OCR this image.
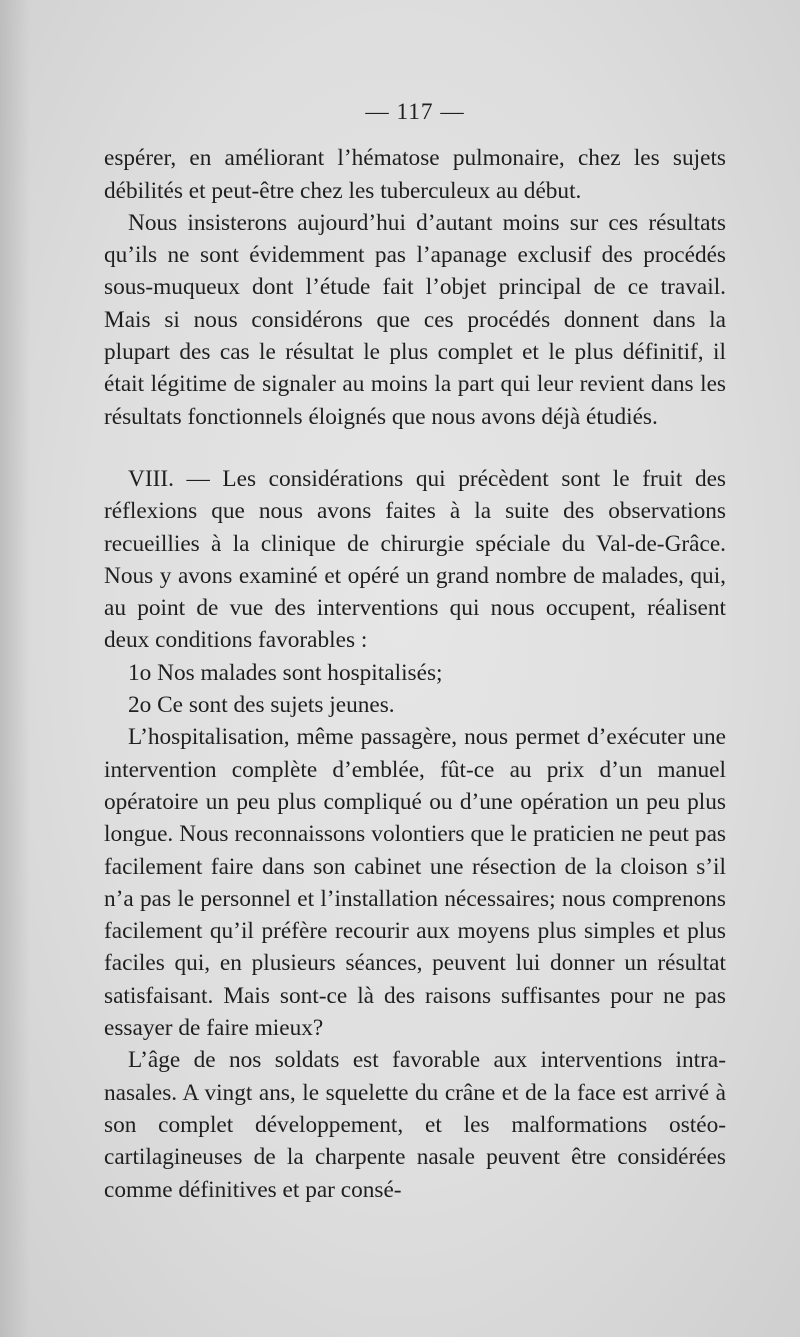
— 117 —

espérer, en améliorant l’hématose pulmonaire, chez les sujets débilités et peut-être chez les tuberculeux au début.

Nous insisterons aujourd’hui d’autant moins sur ces résultats qu’ils ne sont évidemment pas l’apanage exclusif des procédés sous-muqueux dont l’étude fait l’objet principal de ce travail. Mais si nous considérons que ces procédés donnent dans la plupart des cas le résultat le plus complet et le plus définitif, il était légitime de signaler au moins la part qui leur revient dans les résultats fonctionnels éloignés que nous avons déjà étudiés.

VIII. — Les considérations qui précèdent sont le fruit des réflexions que nous avons faites à la suite des observations recueillies à la clinique de chirurgie spéciale du Val-de-Grâce. Nous y avons examiné et opéré un grand nombre de malades, qui, au point de vue des interventions qui nous occupent, réalisent deux conditions favorables :

1o Nos malades sont hospitalisés;

2o Ce sont des sujets jeunes.

L’hospitalisation, même passagère, nous permet d’exécuter une intervention complète d’emblée, fût-ce au prix d’un manuel opératoire un peu plus compliqué ou d’une opération un peu plus longue. Nous reconnaissons volontiers que le praticien ne peut pas facilement faire dans son cabinet une résection de la cloison s’il n’a pas le personnel et l’installation nécessaires; nous comprenons facilement qu’il préfère recourir aux moyens plus simples et plus faciles qui, en plusieurs séances, peuvent lui donner un résultat satisfaisant. Mais sont-ce là des raisons suffisantes pour ne pas essayer de faire mieux?

L’âge de nos soldats est favorable aux interventions intra-nasales. A vingt ans, le squelette du crâne et de la face est arrivé à son complet développement, et les malformations ostéo-cartilagineuses de la charpente nasale peuvent être considérées comme définitives et par consé-
